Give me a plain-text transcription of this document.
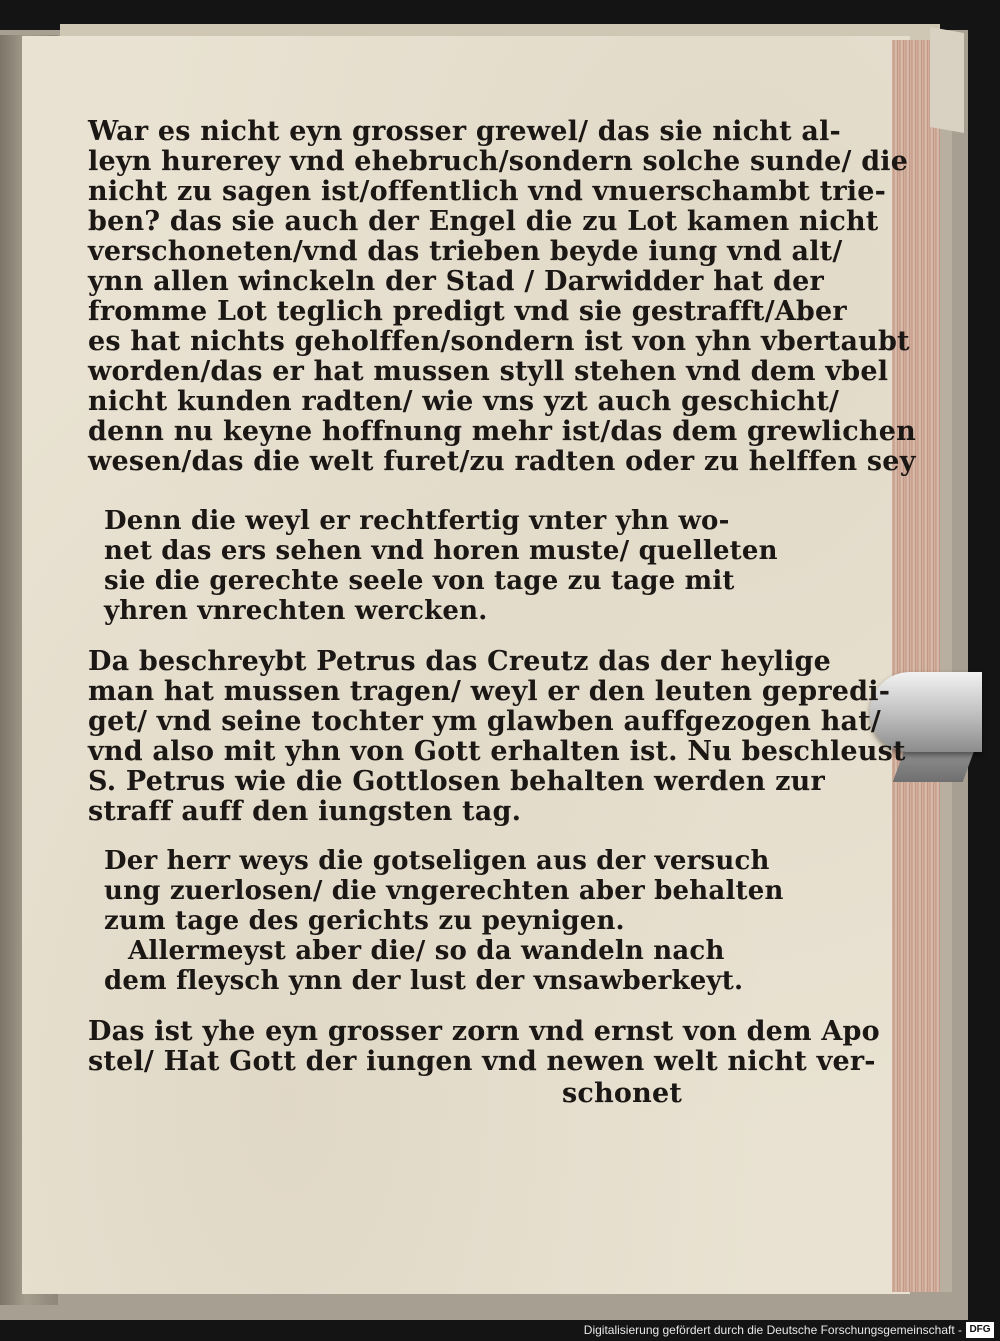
War es nicht eyn grosser grewel/ das sie nicht al-
leyn hurerey vnd ehebruch/sondern solche sunde/ die
nicht zu sagen ist/offentlich vnd vnuerschambt trie-
ben? das sie auch der Engel die zu Lot kamen nicht
verschoneten/vnd das trieben beyde iung vnd alt/
ynn allen winckeln der Stad / Darwidder hat der
fromme Lot teglich predigt vnd sie gestrafft/Aber
es hat nichts geholffen/sondern ist von yhn vbertaubt
worden/das er hat mussen styll stehen vnd dem vbel
nicht kunden radten/ wie vns yzt auch geschicht/
denn nu keyne hoffnung mehr ist/das dem grewlichen
wesen/das die welt furet/zu radten oder zu helffen sey
Denn die weyl er rechtfertig vnter yhn wo-
net das ers sehen vnd horen muste/ quelleten
sie die gerechte seele von tage zu tage mit
yhren vnrechten wercken.
Da beschreybt Petrus das Creutz das der heylige
man hat mussen tragen/ weyl er den leuten gepredi-
get/ vnd seine tochter ym glawben auffgezogen hat/
vnd also mit yhn von Gott erhalten ist. Nu beschleust
S. Petrus wie die Gottlosen behalten werden zur
straff auff den iungsten tag.
Der herr weys die gotseligen aus der versuch
ung zuerlosen/ die vngerechten aber behalten
zum tage des gerichts zu peynigen.
Allermeyst aber die/ so da wandeln nach
dem fleysch ynn der lust der vnsawberkeyt.
Das ist yhe eyn grosser zorn vnd ernst von dem Apo
stel/ Hat Gott der iungen vnd newen welt nicht ver-
schonet
Digitalisierung gefördert durch die Deutsche Forschungsgemeinschaft - DFG
